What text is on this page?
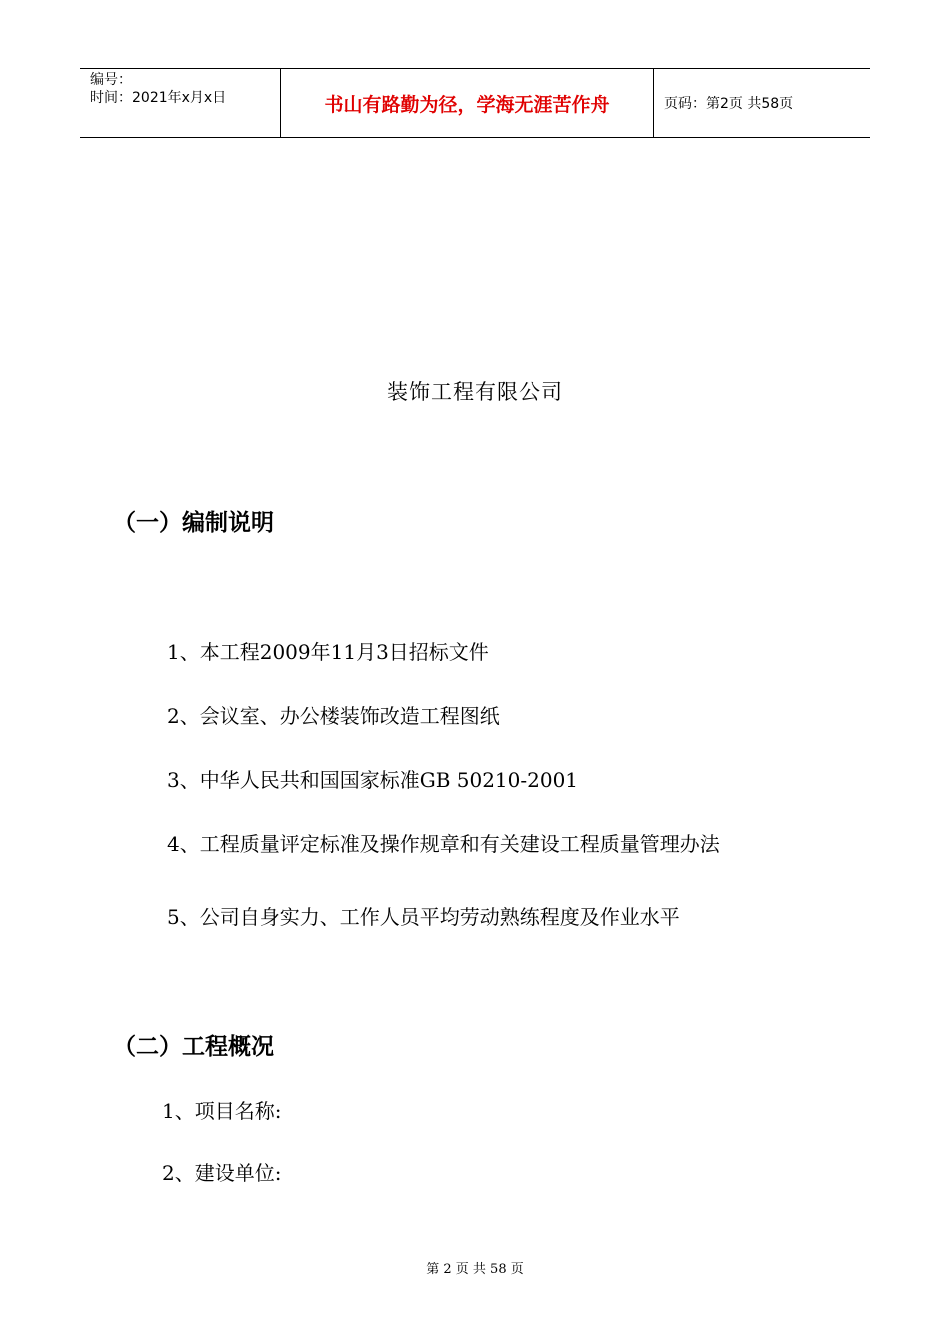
编号：
时间：2021年x月x日	书山有路勤为径，学海无涯苦作舟	页码：第2页 共58页
装饰工程有限公司
（一）编制说明
1、本工程2009年11月3日招标文件
2、会议室、办公楼装饰改造工程图纸
3、中华人民共和国国家标准GB 50210-2001
4、工程质量评定标准及操作规章和有关建设工程质量管理办法
5、公司自身实力、工作人员平均劳动熟练程度及作业水平
（二）工程概况
1、项目名称:
2、建设单位:
第 2 页 共 58 页
